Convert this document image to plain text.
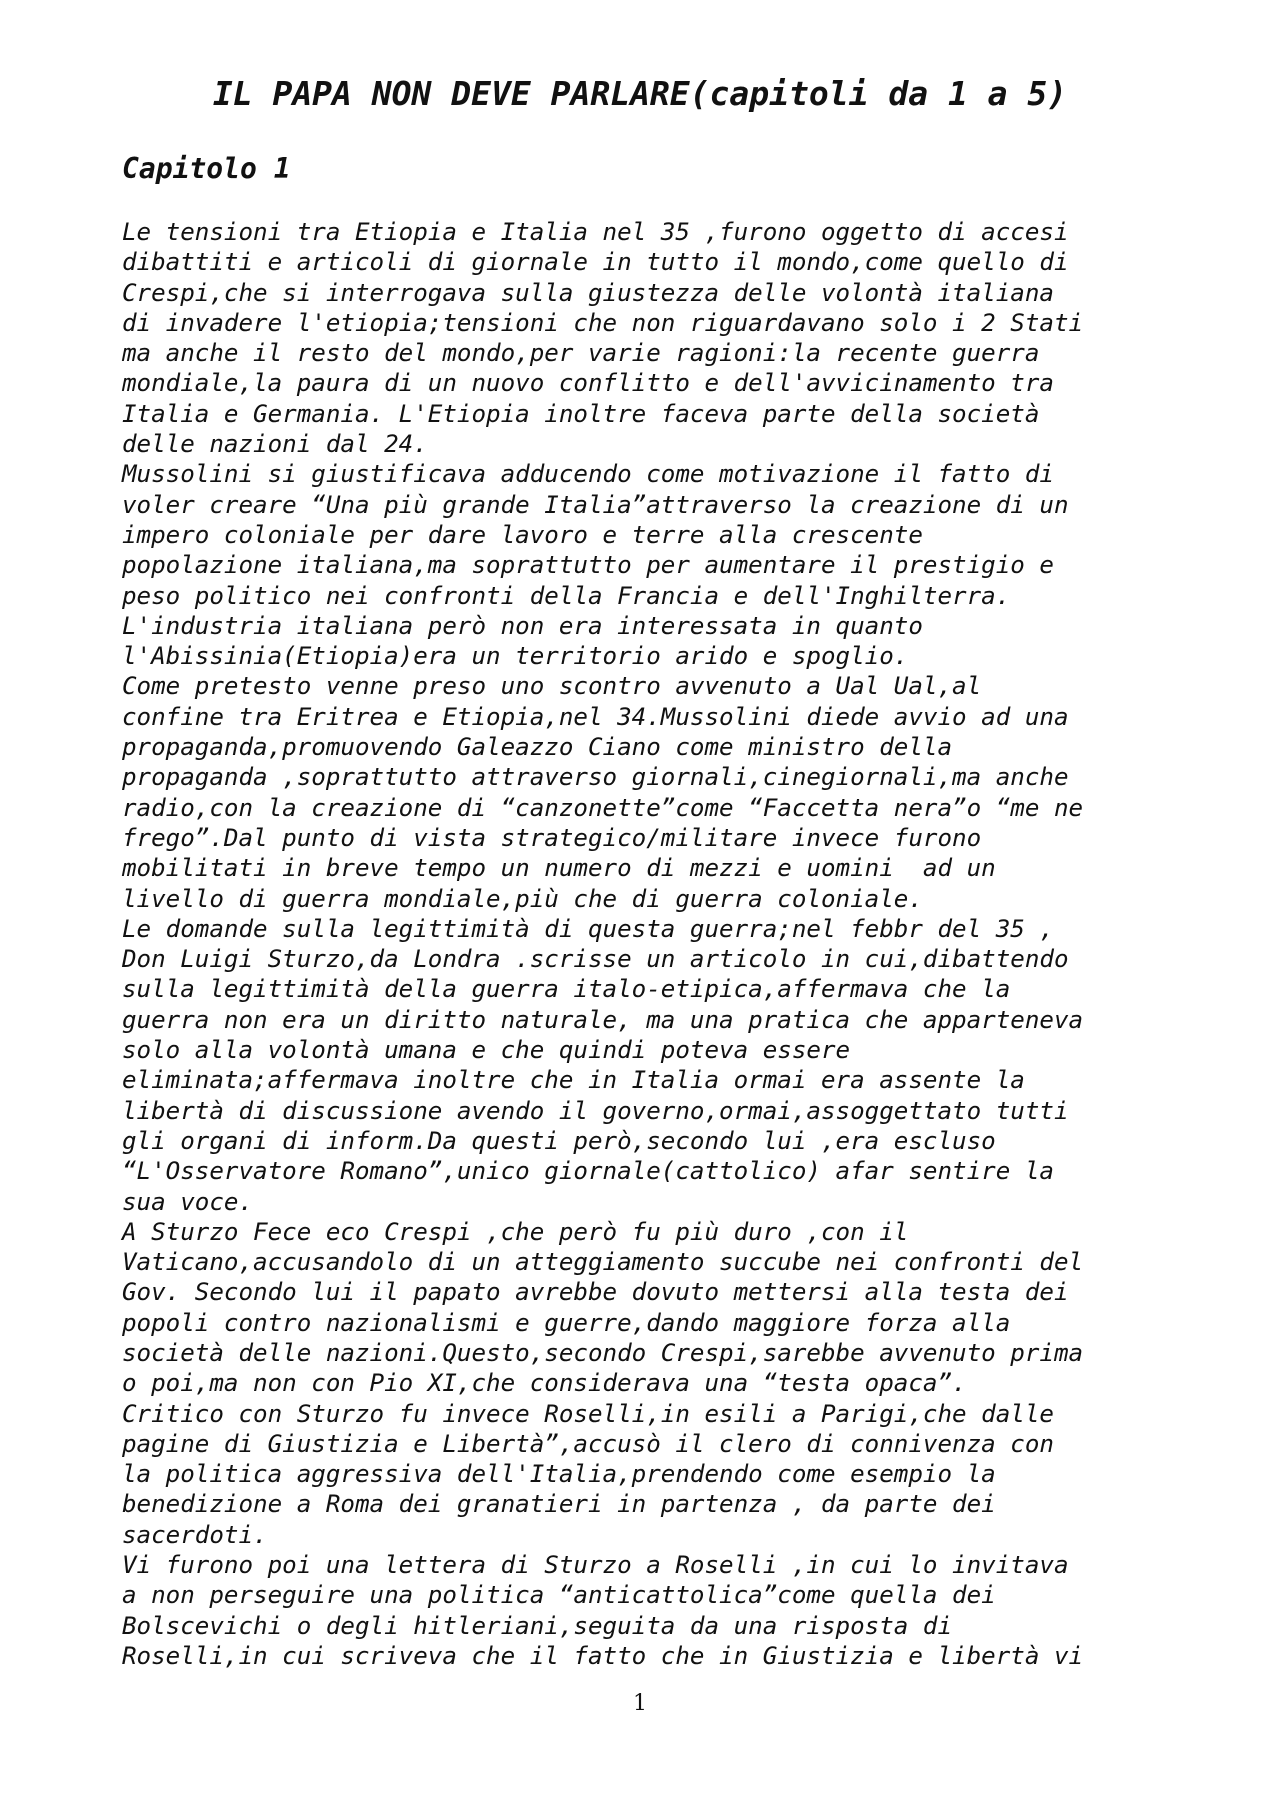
IL PAPA NON DEVE PARLARE(capitoli da 1 a 5)
Capitolo 1
Le tensioni tra Etiopia e Italia nel 35 ,furono oggetto di accesi
dibattiti e articoli di giornale in tutto il mondo,come quello di
Crespi,che si interrogava sulla giustezza delle volontà italiana
di invadere l'etiopia;tensioni che non riguardavano solo i 2 Stati
ma anche il resto del mondo,per varie ragioni:la recente guerra
mondiale,la paura di un nuovo conflitto e dell'avvicinamento tra
Italia e Germania. L'Etiopia inoltre faceva parte della società
delle nazioni dal 24.
Mussolini si giustificava adducendo come motivazione il fatto di
voler creare “Una più grande Italia”attraverso la creazione di un
impero coloniale per dare lavoro e terre alla crescente
popolazione italiana,ma soprattutto per aumentare il prestigio e
peso politico nei confronti della Francia e dell'Inghilterra.
L'industria italiana però non era interessata in quanto
l'Abissinia(Etiopia)era un territorio arido e spoglio.
Come pretesto venne preso uno scontro avvenuto a Ual Ual,al
confine tra Eritrea e Etiopia,nel 34.Mussolini diede avvio ad una
propaganda,promuovendo Galeazzo Ciano come ministro della
propaganda ,soprattutto attraverso giornali,cinegiornali,ma anche
radio,con la creazione di “canzonette”come “Faccetta nera”o “me ne
frego”.Dal punto di vista strategico/militare invece furono
mobilitati in breve tempo un numero di mezzi e uomini  ad un
livello di guerra mondiale,più che di guerra coloniale.
Le domande sulla legittimità di questa guerra;nel febbr del 35 ,
Don Luigi Sturzo,da Londra .scrisse un articolo in cui,dibattendo
sulla legittimità della guerra italo-etipica,affermava che la
guerra non era un diritto naturale, ma una pratica che apparteneva
solo alla volontà umana e che quindi poteva essere
eliminata;affermava inoltre che in Italia ormai era assente la
libertà di discussione avendo il governo,ormai,assoggettato tutti
gli organi di inform.Da questi però,secondo lui ,era escluso
“L'Osservatore Romano”,unico giornale(cattolico) afar sentire la
sua voce.
A Sturzo Fece eco Crespi ,che però fu più duro ,con il
Vaticano,accusandolo di un atteggiamento succube nei confronti del
Gov. Secondo lui il papato avrebbe dovuto mettersi alla testa dei
popoli contro nazionalismi e guerre,dando maggiore forza alla
società delle nazioni.Questo,secondo Crespi,sarebbe avvenuto prima
o poi,ma non con Pio XI,che considerava una “testa opaca”.
Critico con Sturzo fu invece Roselli,in esili a Parigi,che dalle
pagine di Giustizia e Libertà”,accusò il clero di connivenza con
la politica aggressiva dell'Italia,prendendo come esempio la
benedizione a Roma dei granatieri in partenza , da parte dei
sacerdoti.
Vi furono poi una lettera di Sturzo a Roselli ,in cui lo invitava
a non perseguire una politica “anticattolica”come quella dei
Bolscevichi o degli hitleriani,seguita da una risposta di
Roselli,in cui scriveva che il fatto che in Giustizia e libertà vi
1
